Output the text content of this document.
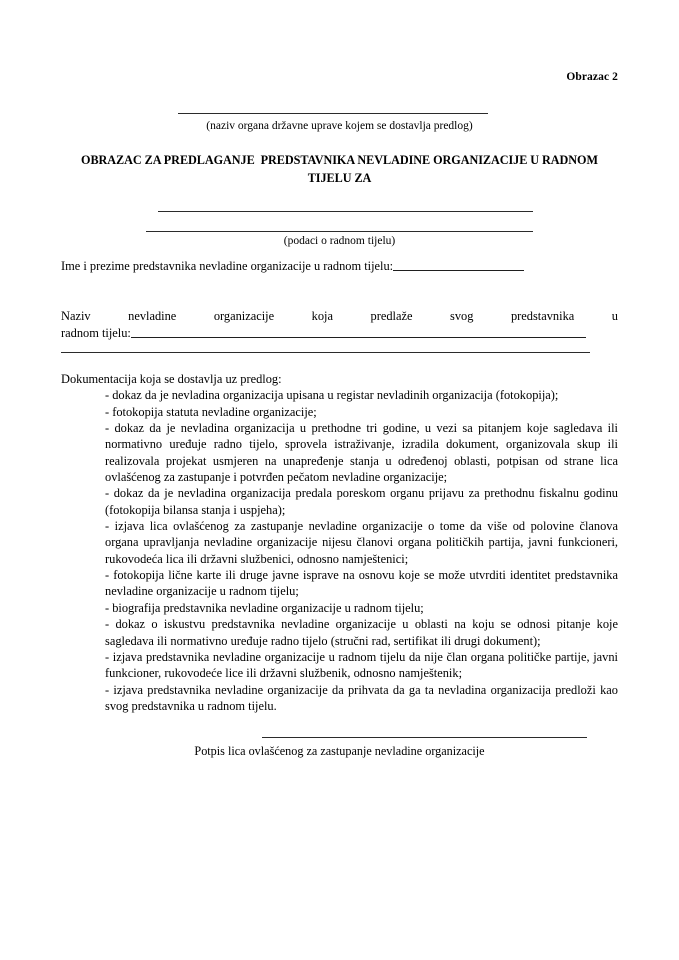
Obrazac 2
(naziv organa državne uprave kojem se dostavlja predlog)
OBRAZAC ZA PREDLAGANJE  PREDSTAVNIKA NEVLADINE ORGANIZACIJE U RADNOM TIJELU ZA
(podaci o radnom tijelu)
Ime i prezime predstavnika nevladine organizacije u radnom tijelu:
Naziv nevladine organizacije koja predlaže svog predstavnika u
radnom tijelu:

Dokumentacija koja se dostavlja uz predlog:

- dokaz da je nevladina organizacija upisana u registar nevladinih organizacija (fotokopija);
- fotokopija statuta nevladine organizacije;
- dokaz da je nevladina organizacija u prethodne tri godine, u vezi sa pitanjem koje sagledava ili normativno uređuje radno tijelo, sprovela istraživanje, izradila dokument, organizovala skup ili realizovala projekat usmjeren na unapređenje stanja u određenoj oblasti, potpisan od strane lica ovlašćenog za zastupanje i potvrđen pečatom nevladine organizacije;
- dokaz da je nevladina organizacija predala poreskom organu prijavu za prethodnu fiskalnu godinu (fotokopija bilansa stanja i uspjeha);
- izjava lica ovlašćenog za zastupanje nevladine organizacije o tome da više od polovine članova organa upravljanja nevladine organizacije nijesu članovi organa političkih partija, javni funkcioneri, rukovodeća lica ili državni službenici, odnosno namještenici;
- fotokopija lične karte ili druge javne isprave na osnovu koje se može utvrditi identitet predstavnika nevladine organizacije u radnom tijelu;
- biografija predstavnika nevladine organizacije u radnom tijelu;
- dokaz o iskustvu predstavnika nevladine organizacije u oblasti na koju se odnosi pitanje koje sagledava ili normativno uređuje radno tijelo (stručni rad, sertifikat ili drugi dokument);
- izjava predstavnika nevladine organizacije u radnom tijelu da nije član organa političke partije, javni funkcioner, rukovodeće lice ili državni službenik, odnosno namještenik;
- izjava predstavnika nevladine organizacije da prihvata da ga ta nevladina organizacija predloži kao svog predstavnika u radnom tijelu.
Potpis lica ovlašćenog za zastupanje nevladine organizacije
